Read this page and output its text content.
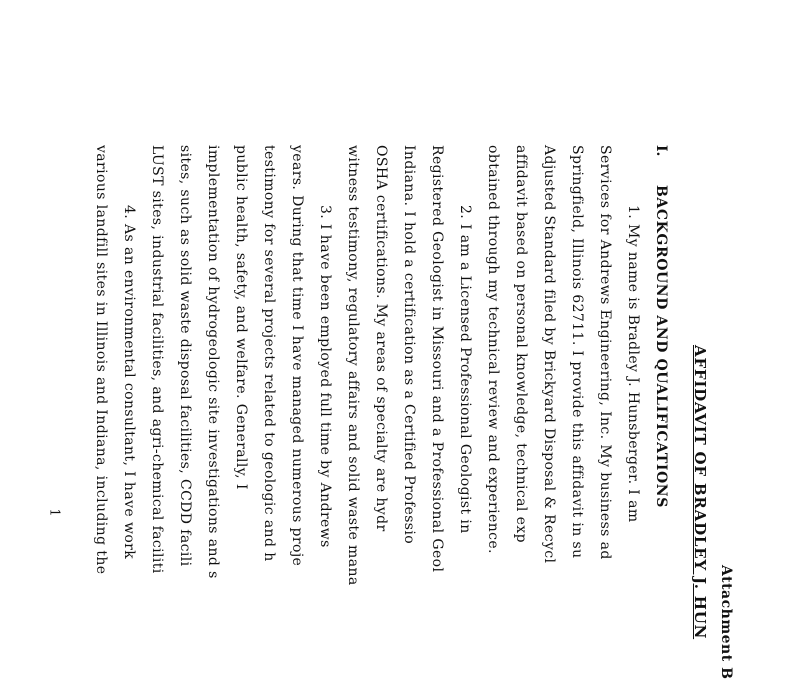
Attachment B
AFFIDAVIT OF BRADLEY J. HUN
I.
BACKGROUND AND QUALIFICATIONS
1. My name is Bradley J. Hunsberger. I am
Services for Andrews Engineering, Inc. My business ad
Springfield, Illinois 62711. I provide this affidavit in su
Adjusted Standard filed by Brickyard Disposal & Recycl
affidavit based on personal knowledge, technical exp
obtained through my technical review and experience.
2. I am a Licensed Professional Geologist in
Registered Geologist in Missouri and a Professional Geol
Indiana. I hold a certification as a Certified Professio
OSHA certifications. My areas of specialty are hydr
witness testimony, regulatory affairs and solid waste mana
3. I have been employed full time by Andrews
years. During that time I have managed numerous proje
testimony for several projects related to geologic and h
public health, safety, and welfare. Generally, I
implementation of hydrogeologic site investigations and s
sites, such as solid waste disposal facilities, CCDD facili
LUST sites, industrial facilities, and agri-chemical faciliti
4. As an environmental consultant, I have work
various landfill sites in Illinois and Indiana, including the
1
